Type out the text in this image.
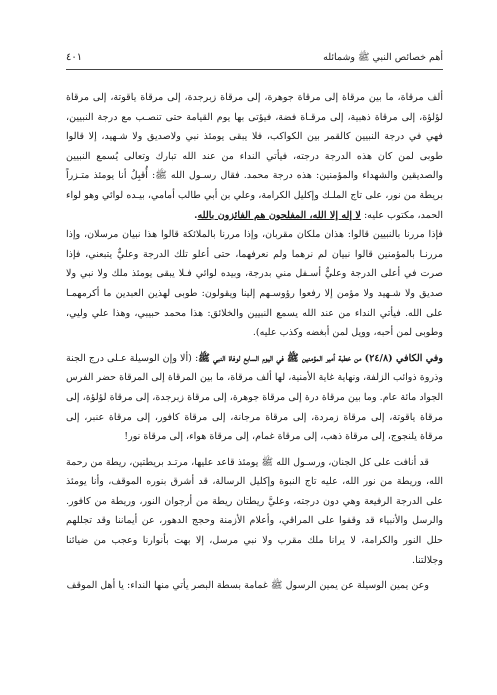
أهم خصائص النبي ﷺ وشمائله
٤٠١

ألف مرقاة، ما بين مرقاة إلى مرقاة جوهرة، إلى مرقاة زبرجدة، إلى مرقاة ياقوتة، إلى مرقاة لؤلؤة، إلى مرقاة ذهبية، إلى مرقـاة فضة، فيؤتى بها يوم القيامة حتى تنصـب مع درجة النبيين، فهي في درجة النبيين كالقمر بين الكواكب، فلا يبقى يومئذ نبي ولاصديق ولا شـهيد، إلا قالوا طوبى لمن كان هذه الدرجة درجته، فيأتي النداء من عند الله تبارك وتعالى يُسمع النبيين والصديقين والشهداء والمؤمنين: هذه درجة محمد. فقال رسـول الله ﷺ: أُقبِلُ أنا يومئذ متـزراً بريطة من نور، على تاج الملـك وإكليل الكرامة، وعلي بن أبي طالب أمامي، بيـده لوائي وهو لواء الحمد، مكتوب عليه: لا إله إلا الله، المفلحون هم الفائزون بالله.

فإذا مررنا بالنبيين قالوا: هذان ملكان مقربان، وإذا مررنا بالملائكة قالوا هذا نبيان مرسلان، وإذا مررنـا بالمؤمنين قالوا نبيان لم نرهما ولم نعرفهما، حتى أعلو تلك الدرجة وعليٌّ يتبعني، فإذا صرت في أعلى الدرجة وعليٌّ أسـفل مني بدرجة، وبيده لوائي فـلا يبقى يومئذ ملك ولا نبي ولا صديق ولا شـهيد ولا مؤمن إلا رفعوا رؤوسـهم إلينا ويقولون: طوبى لهذين العبدين ما أكرمهمـا على الله. فيأتي النداء من عند الله يسمع النبيين والخلائق: هذا محمد حبيبي، وهذا علي وليي، وطوبى لمن أحبه، وويل لمن أبغضه وكذب عليه).

وفي الكافي (٢٤/٨) من خطبة أمير المؤمنين ﷺ في اليوم السابع لوفاة النبي ﷺ: (ألا وإن الوسيلة عـلى درج الجنة وذروة ذوائب الزلفة، ونهاية غاية الأمنية، لها ألف مرقاة، ما بين المرقاة إلى المرقاة حضر الفرس الجواد مائة عام. وما بين مرقاة درة إلى مرقاة جوهرة، إلى مرقاة زبرجدة، إلى مرقاة لؤلؤة، إلى مرقاة ياقوتة، إلى مرقاة زمردة، إلى مرقاة مرجانة، إلى مرقاة كافور، إلى مرقاة عنبر، إلى مرقاة يلنجوج، إلى مرقاة ذهب، إلى مرقاة غمام، إلى مرقاة هواء، إلى مرقاة نور!

قد أنافت على كل الجنان، ورسـول الله ﷺ يومئذ قاعد عليها، مرتـد بريطتين، ريطة من رحمة الله، وريطة من نور الله، عليه تاج النبوة وإكليل الرسالة، قد أشرق بنوره الموقف، وأنا يومئذ على الدرجة الرفيعة وهي دون درجته، وعليَّ ريطتان ريطة من أرجوان النور، وريطة من كافور. والرسل والأنبياء قد وقفوا على المراقي، وأعلام الأزمنة وحجج الدهور، عن أيماننا وقد تجللهم حلل النور والكرامة، لا يرانا ملك مقرب ولا نبي مرسل، إلا بهت بأنوارنا وعجب من ضيائنا وجلالتنا.

وعن يمين الوسيلة عن يمين الرسول ﷺ غمامة بسطة البصر يأتي منها النداء: يا أهل الموقف
